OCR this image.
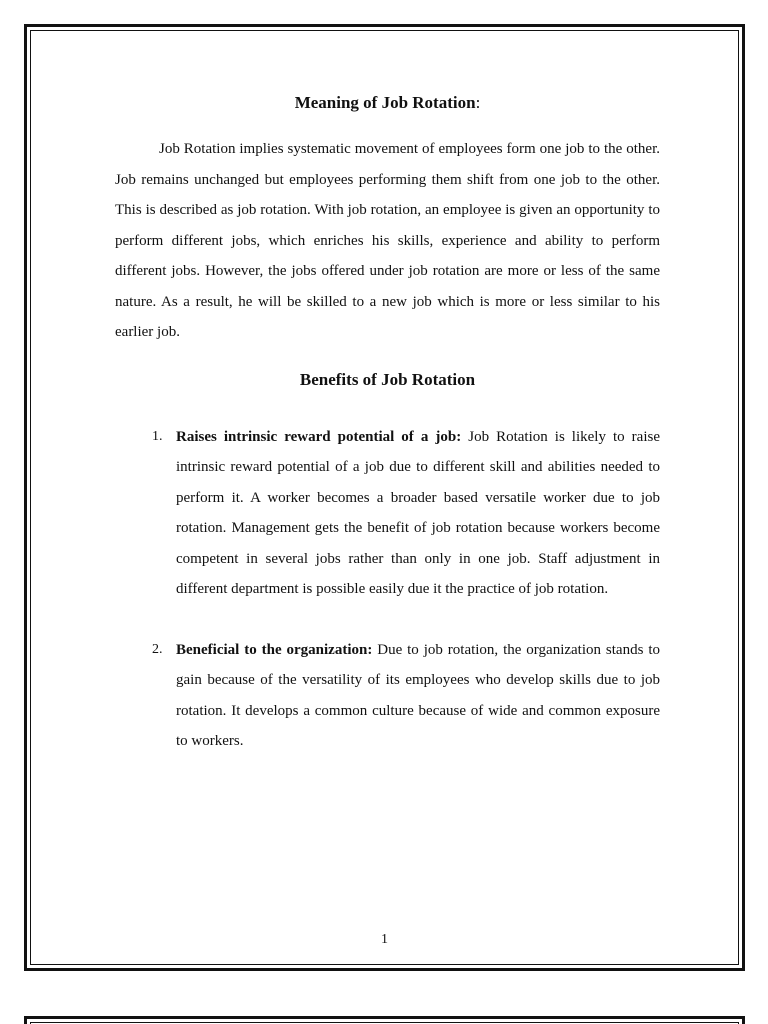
Meaning of Job Rotation:

Job Rotation implies systematic movement of employees form one job to the other. Job remains unchanged but employees performing them shift from one job to the other. This is described as job rotation. With job rotation, an employee is given an opportunity to perform different jobs, which enriches his skills, experience and ability to perform different jobs. However, the jobs offered under job rotation are more or less of the same nature. As a result, he will be skilled to a new job which is more or less similar to his earlier job.

Benefits of Job Rotation
1. Raises intrinsic reward potential of a job: Job Rotation is likely to raise intrinsic reward potential of a job due to different skill and abilities needed to perform it. A worker becomes a broader based versatile worker due to job rotation. Management gets the benefit of job rotation because workers become competent in several jobs rather than only in one job. Staff adjustment in different department is possible easily due it the practice of job rotation.
2. Beneficial to the organization: Due to job rotation, the organization stands to gain because of the versatility of its employees who develop skills due to job rotation. It develops a common culture because of wide and common exposure to workers.
1
